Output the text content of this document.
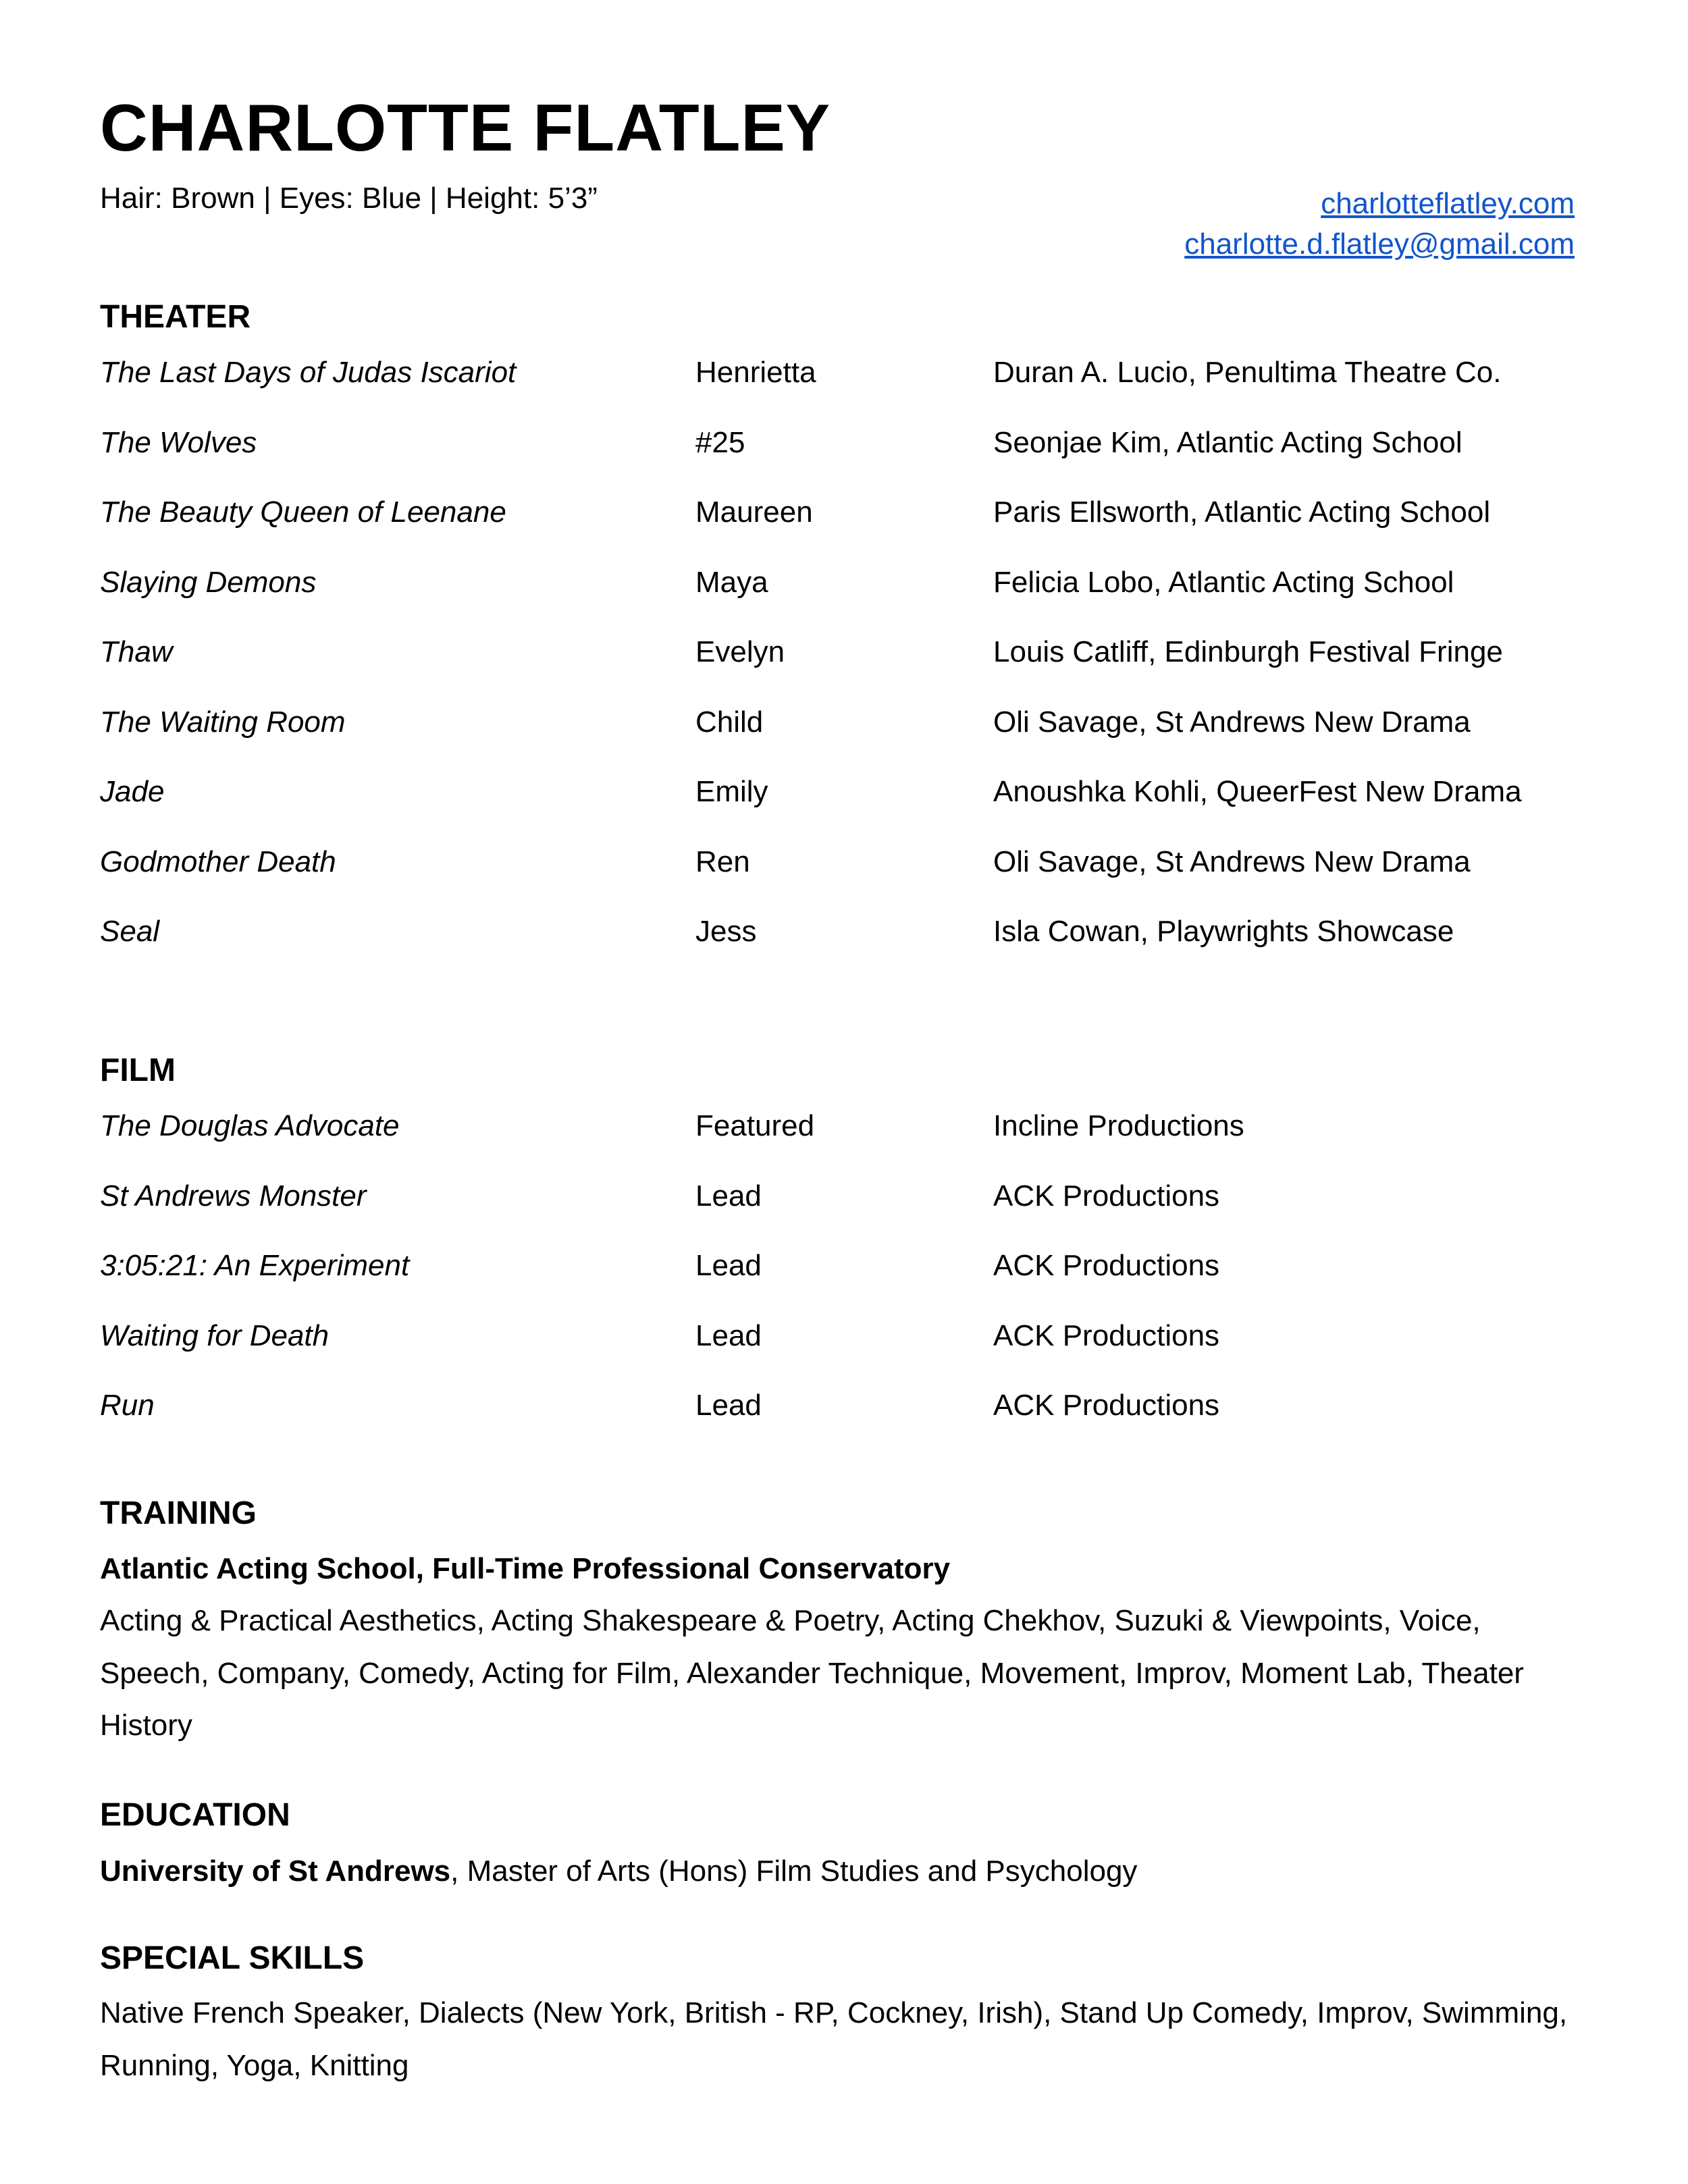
CHARLOTTE FLATLEY
Hair: Brown | Eyes: Blue | Height: 5’3”	charlotteflatley.com
charlotte.d.flatley@gmail.com
THEATER
The Last Days of Judas Iscariot	Henrietta	Duran A. Lucio, Penultima Theatre Co.
The Wolves	#25	Seonjae Kim, Atlantic Acting School
The Beauty Queen of Leenane	Maureen	Paris Ellsworth, Atlantic Acting School
Slaying Demons	Maya	Felicia Lobo, Atlantic Acting School
Thaw	Evelyn	Louis Catliff, Edinburgh Festival Fringe
The Waiting Room	Child	Oli Savage, St Andrews New Drama
Jade	Emily	Anoushka Kohli, QueerFest New Drama
Godmother Death	Ren	Oli Savage, St Andrews New Drama
Seal	Jess	Isla Cowan, Playwrights Showcase
FILM
The Douglas Advocate	Featured	Incline Productions
St Andrews Monster	Lead	ACK Productions
3:05:21: An Experiment	Lead	ACK Productions
Waiting for Death	Lead	ACK Productions
Run	Lead	ACK Productions
TRAINING
Atlantic Acting School, Full-Time Professional Conservatory
Acting & Practical Aesthetics, Acting Shakespeare & Poetry, Acting Chekhov, Suzuki & Viewpoints, Voice, Speech, Company, Comedy, Acting for Film, Alexander Technique, Movement, Improv, Moment Lab, Theater History
EDUCATION
University of St Andrews, Master of Arts (Hons) Film Studies and Psychology
SPECIAL SKILLS
Native French Speaker, Dialects (New York, British - RP, Cockney, Irish), Stand Up Comedy, Improv, Swimming, Running, Yoga, Knitting
